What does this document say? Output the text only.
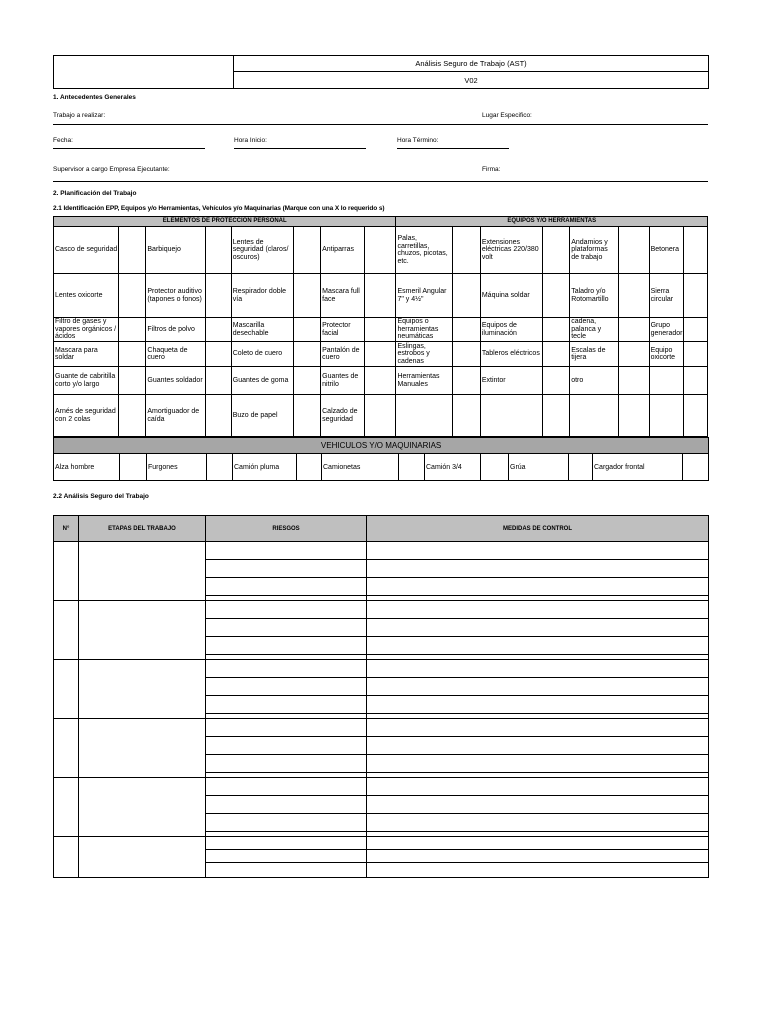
	Análisis Seguro de Trabajo (AST)
V02
1. Antecedentes Generales
Trabajo a realizar:	Lugar Especifico:
Fecha:	Hora Inicio:	Hora Término:
Supervisor a cargo Empresa Ejecutante:	Firma:
2. Planificación del Trabajo
2.1 Identificación EPP, Equipos y/o Herramientas, Vehículos y/o Maquinarias (Marque con una X lo requerido s)
ELEMENTOS DE PROTECCION PERSONAL								EQUIPOS Y/O HERRAMIENTAS							
Casco de seguridad		Barbiquejo		Lentes de seguridad (claros/ oscuros)		Antiparras		Palas, carretillas, chuzos, picotas, etc.		Extensiones eléctricas 220/380 volt		Andamios y plataformas de trabajo		Betonera	
Lentes oxicorte		Protector auditivo (tapones o fonos)		Respirador doble vía		Mascara full face		Esmeril Angular 7" y 4½"		Máquina soldar		Taladro y/o Rotomartillo		Sierra circular	
Filtro de gases y vapores orgánicos /ácidos		Filtros de polvo		Mascarilla desechable		Protector facial		Equipos o herramientas neumáticas		Equipos de iluminación		cadena, palanca y tecle		Grupo generador	
Mascara para soldar		Chaqueta de cuero		Coleto de cuero		Pantalón de cuero		Eslingas, estrobos y cadenas		Tableros eléctricos		Escalas de tijera		Equipo oxicorte	
Guante de cabritilla corto y/o largo		Guantes soldador		Guantes de goma		Guantes de nitrilo		Herramientas Manuales		Extintor		otro			
Arnés de seguridad con 2 colas		Amortiguador de caída		Buzo de papel		Calzado de seguridad									
VEHICULOS Y/O MAQUINARIAS
Alza hombre		Furgones		Camión pluma		Camionetas		Camión 3/4		Grúa		Cargador frontal	
2.2 Análisis Seguro del Trabajo
N°	ETAPAS DEL TRABAJO	RIESGOS	MEDIDAS DE CONTROL
